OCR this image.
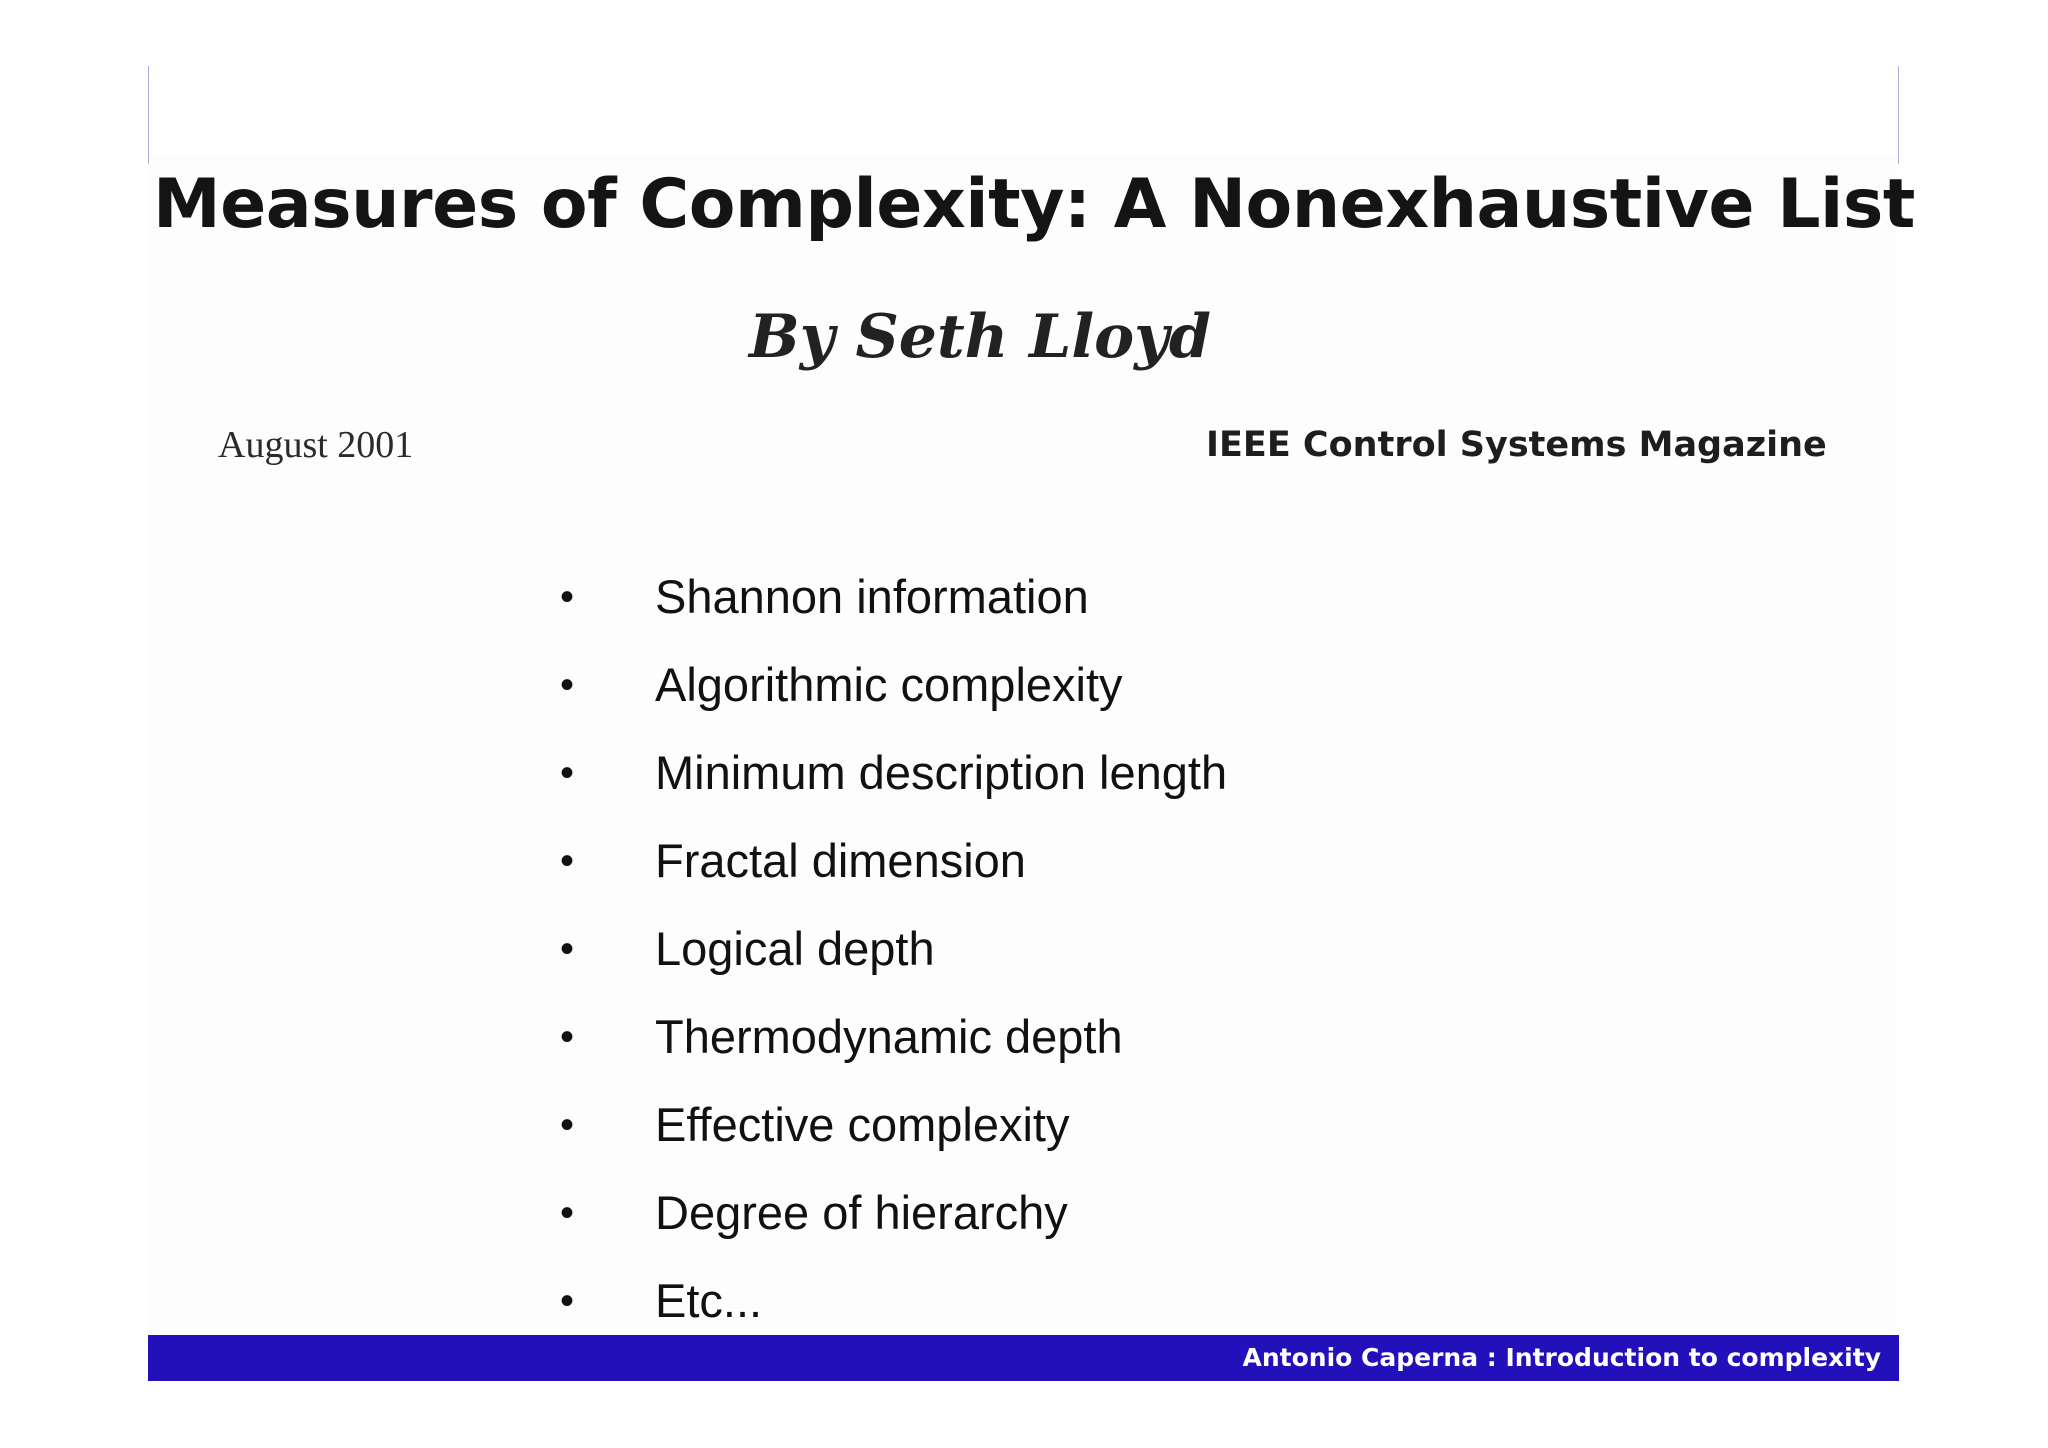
Measures of Complexity: A Nonexhaustive List
By Seth Lloyd
August 2001	IEEE Control Systems Magazine
•	Shannon information
•	Algorithmic complexity
•	Minimum description length
•	Fractal dimension
•	Logical depth
•	Thermodynamic depth
•	Effective complexity
•	Degree of hierarchy
•	Etc...
Antonio Caperna : Introduction to complexity
